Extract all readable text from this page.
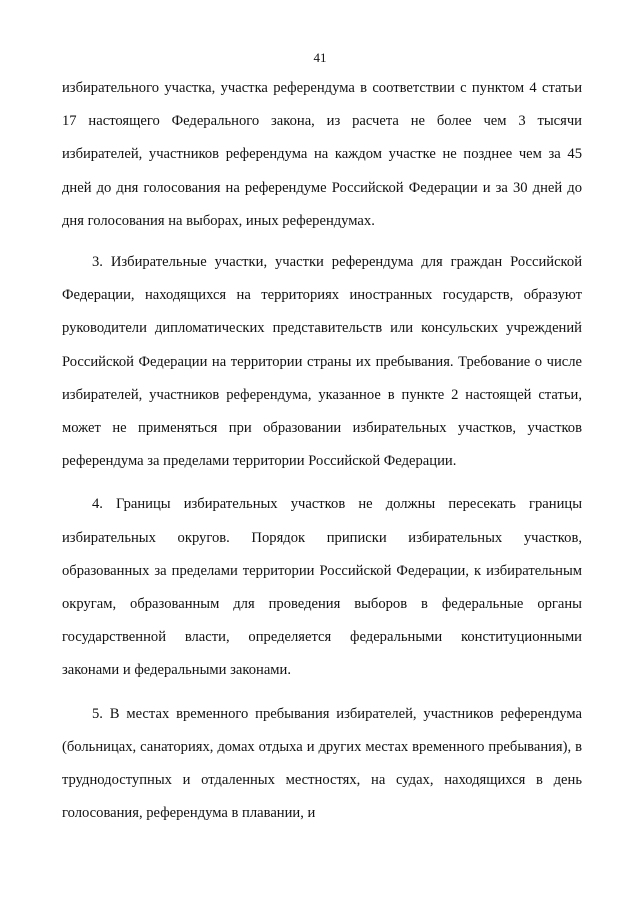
41

избирательного участка, участка референдума в соответствии с пунктом 4 статьи 17 настоящего Федерального закона, из расчета не более чем 3 тысячи избирателей, участников референдума на каждом участке не позднее чем за 45 дней до дня голосования на референдуме Российской Федерации и за 30 дней до дня голосования на выборах, иных референдумах.

3. Избирательные участки, участки референдума для граждан Российской Федерации, находящихся на территориях иностранных государств, образуют руководители дипломатических представительств или консульских учреждений Российской Федерации на территории страны их пребывания. Требование о числе избирателей, участников референдума, указанное в пункте 2 настоящей статьи, может не применяться при образовании избирательных участков, участков референдума за пределами территории Российской Федерации.

4. Границы избирательных участков не должны пересекать границы избирательных округов. Порядок приписки избирательных участков, образованных за пределами территории Российской Федерации, к избирательным округам, образованным для проведения выборов в федеральные органы государственной власти, определяется федеральными конституционными законами и федеральными законами.

5. В местах временного пребывания избирателей, участников референдума (больницах, санаториях, домах отдыха и других местах временного пребывания), в труднодоступных и отдаленных местностях, на судах, находящихся в день голосования, референдума в плавании, и
